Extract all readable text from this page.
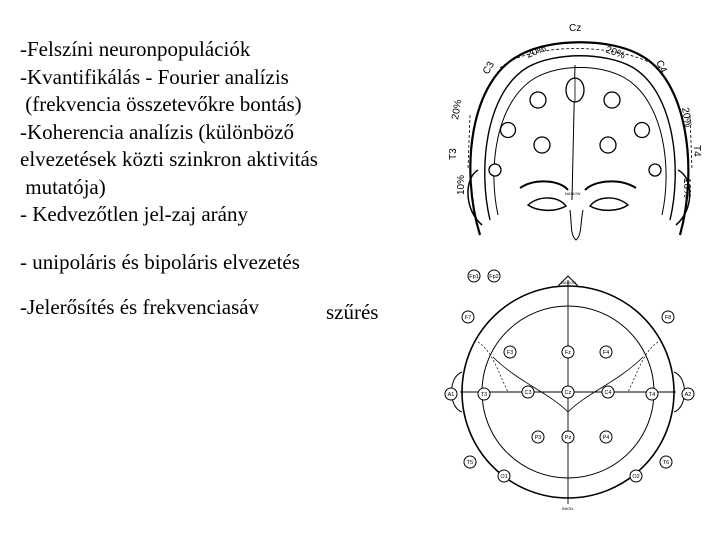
-Felszíni neuronpopulációk
-Kvantifikálás - Fourier analízis
(frekvencia összetevőkre bontás)
-Koherencia analízis (különböző
elvezetések közti szinkron aktivitás
mutatója)
- Kedvezőtlen jel-zaj arány
- unipoláris és bipoláris elvezetés
-Jelerősítés és frekvenciasáv	szűrés
Cz
20%	20%
C3	C4
20%	20%
T3	T4
10%	10%
NASION
NASION
INION
Fp1 Fp2
F7
F3	Fz	F4
F8
A1	T3	C3	Cz	C4	T4	A2
T5
P3	Pz	P4
T6
O1	O2
